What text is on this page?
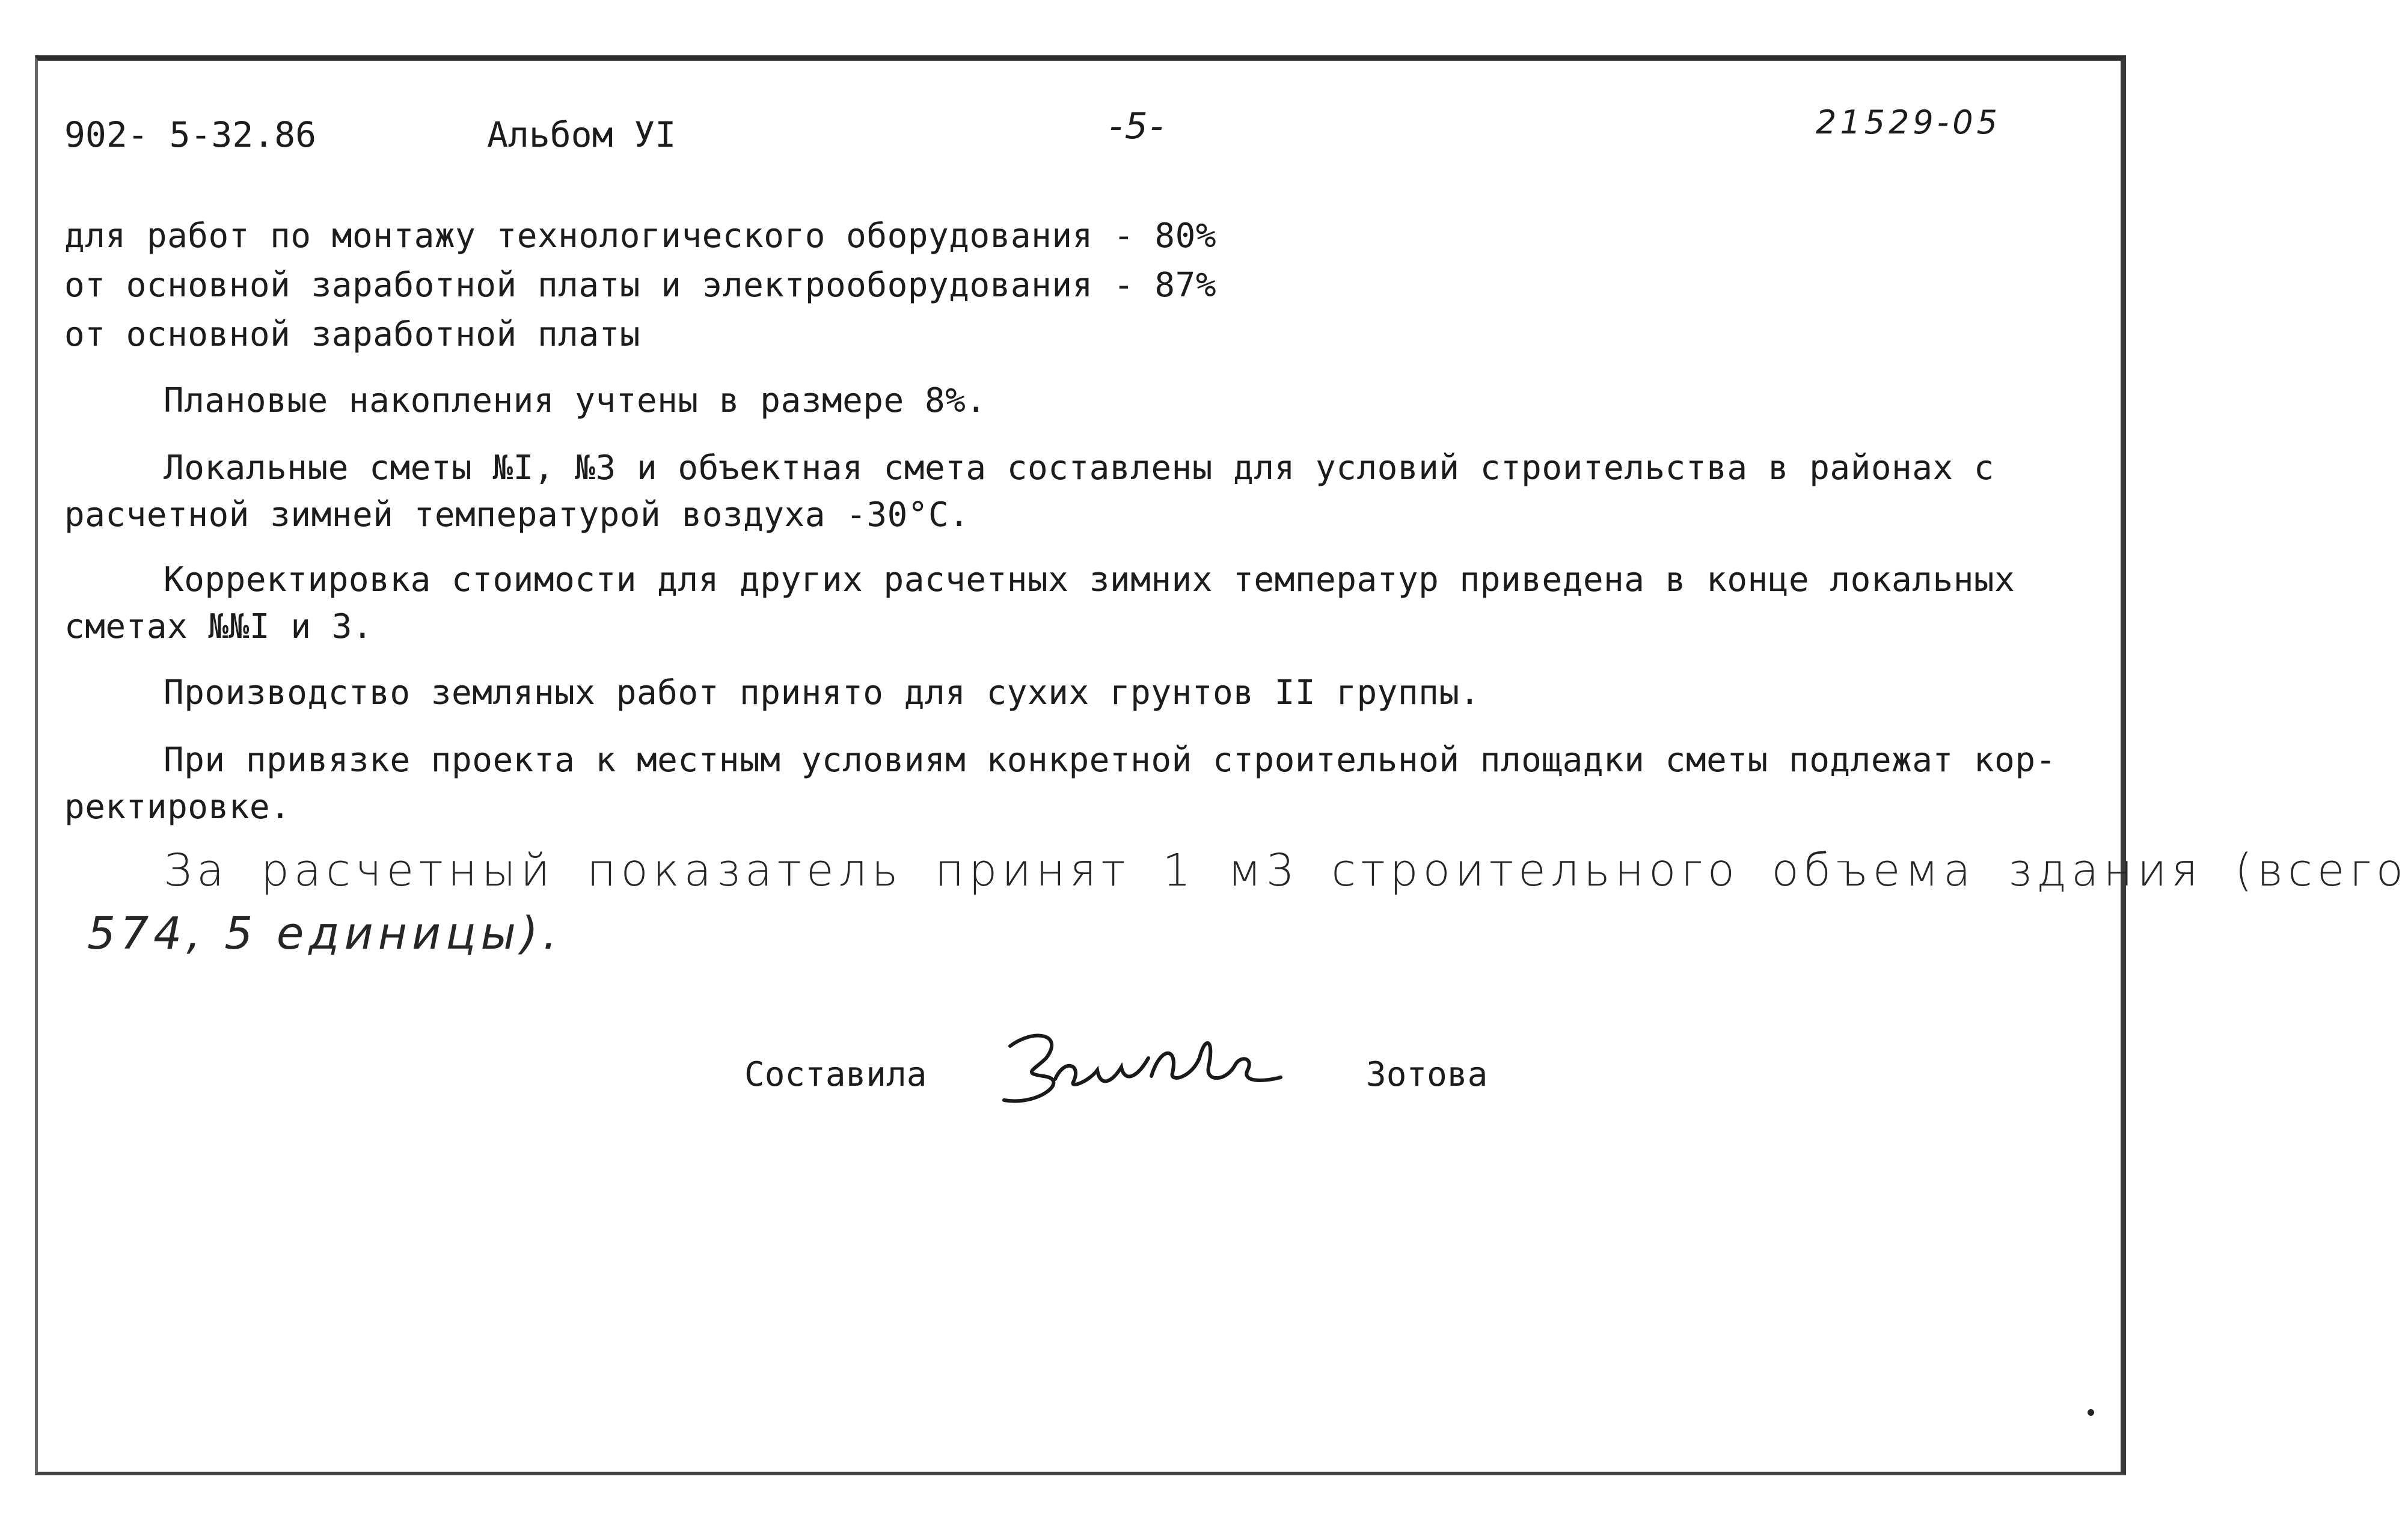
902- 5-32.86	Альбом УI	-5-	21529-05
для работ по монтажу технологического оборудования - 80%
от основной заработной платы и электрооборудования - 87%
от основной заработной платы
Плановые накопления учтены в размере 8%.
Локальные сметы №I, №3 и объектная смета составлены для условий строительства в районах с
расчетной зимней температурой воздуха -30°С.
Корректировка стоимости для других расчетных зимних температур приведена в конце локальных
сметах №№I и 3.
Производство земляных работ принято для сухих грунтов II группы.
При привязке проекта к местным условиям конкретной строительной площадки сметы подлежат кор-
ректировке.
За расчетный показатель принят 1 м3 строительного объема здания (всего
574, 5 единицы).
Составила	Зотова
